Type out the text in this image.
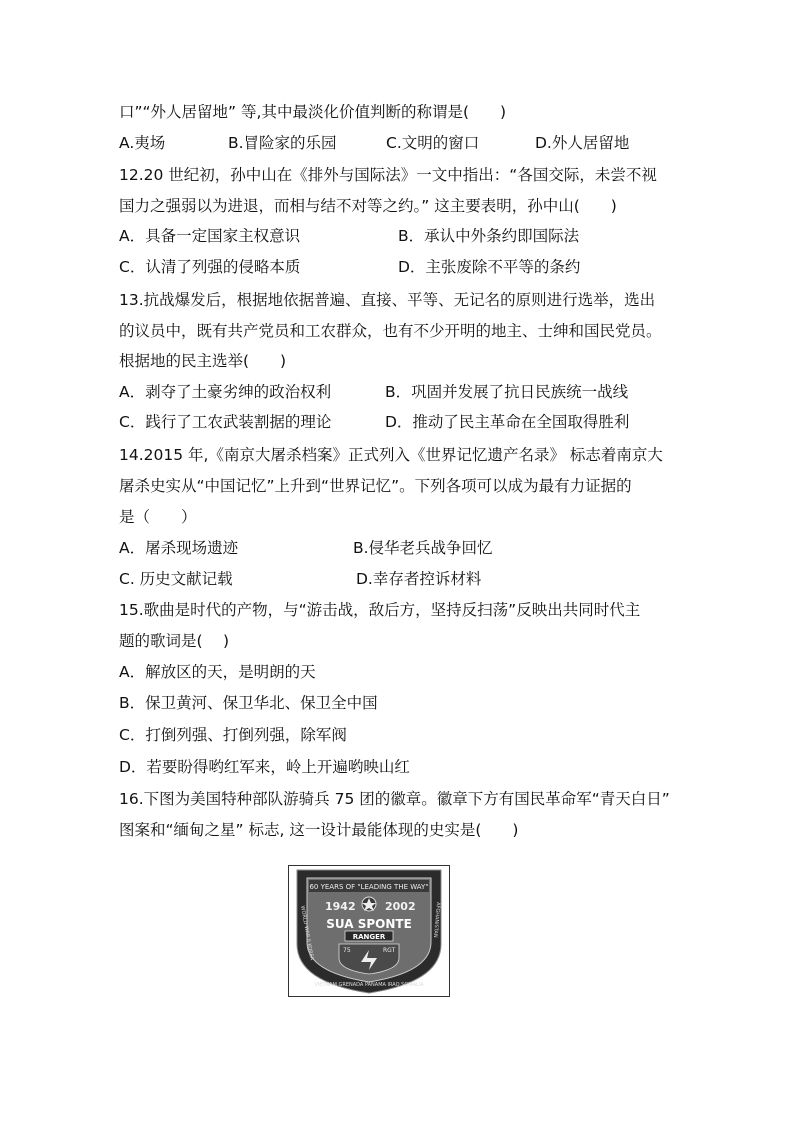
口”“外人居留地” 等,其中最淡化价值判断的称谓是(　　)
A.夷场	B.冒险家的乐园	C.文明的窗口	D.外人居留地
12.20 世纪初，孙中山在《排外与国际法》一文中指出：“各国交际，未尝不视
国力之强弱以为进退，而相与结不对等之约。” 这主要表明，孙中山(　　)
A．具备一定国家主权意识	B．承认中外条约即国际法
C．认清了列强的侵略本质	D．主张废除不平等的条约
13.抗战爆发后，根据地依据普遍、直接、平等、无记名的原则进行选举，选出
的议员中，既有共产党员和工农群众，也有不少开明的地主、士绅和国民党员。
根据地的民主选举(　　)
A．剥夺了土豪劣绅的政治权利	B．巩固并发展了抗日民族统一战线
C．践行了工农武装割据的理论	D．推动了民主革命在全国取得胜利
14.2015 年,《南京大屠杀档案》正式列入《世界记忆遗产名录》 标志着南京大
屠杀史实从“中国记忆”上升到“世界记忆”。下列各项可以成为最有力证据的
是（　　）
A．屠杀现场遗迹	B.侵华老兵战争回忆
C. 历史文献记载	D.幸存者控诉材料
15.歌曲是时代的产物，与“游击战，敌后方，坚持反扫荡”反映出共同时代主
题的歌词是(　 )
A．解放区的天，是明朗的天
B．保卫黄河、保卫华北、保卫全中国
C．打倒列强、打倒列强，除军阀
D．若要盼得哟红军来，岭上开遍哟映山红
16.下图为美国特种部队游骑兵 75 团的徽章。徽章下方有国民革命军“青天白日”
图案和“缅甸之星” 标志, 这一设计最能体现的史实是(　　)
60 YEARS OF "LEADING THE WAY"
1942	2002
SUA SPONTE
RANGER
75	RGT
WORLD WAR II KOREA	AFGHANISTAN
VIETNAM GRENADA PANAMA IRAQ SOMALIA
